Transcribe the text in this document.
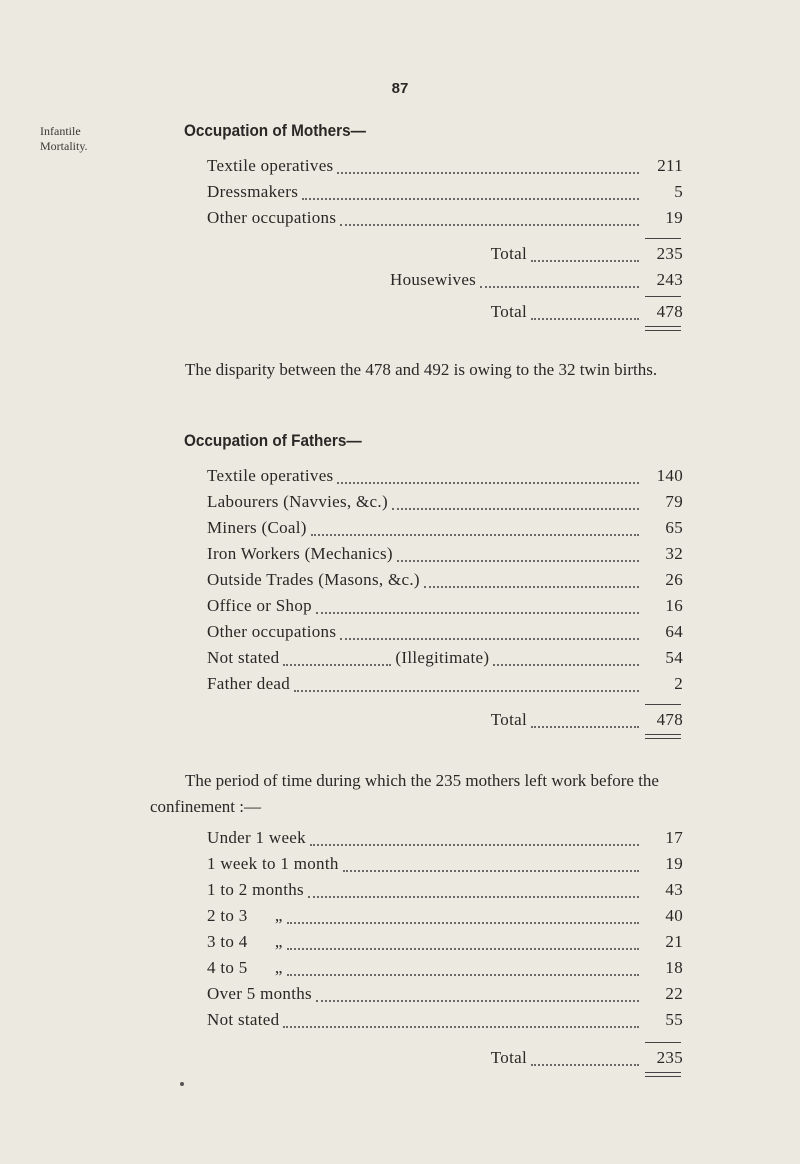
87
Infantile
Mortality.
Occupation of Mothers—
Textile operatives	211
Dressmakers	5
Other occupations	19
Total	235
Housewives	243
Total	478
The disparity between the 478 and 492 is owing to the 32 twin births.
Occupation of Fathers—
Textile operatives	140
Labourers (Navvies, &c.)	79
Miners (Coal)	65
Iron Workers (Mechanics)	32
Outside Trades (Masons, &c.)	26
Office or Shop	16
Other occupations	64
Not stated	(Illegitimate)	54
Father dead	2
Total	478
The period of time during which the 235 mothers left work before the confinement :—
Under 1 week	17
1 week to 1 month	19
1 to 2 months	43
2 to 3      „	40
3 to 4      „	21
4 to 5      „	18
Over 5 months	22
Not stated	55
Total	235
